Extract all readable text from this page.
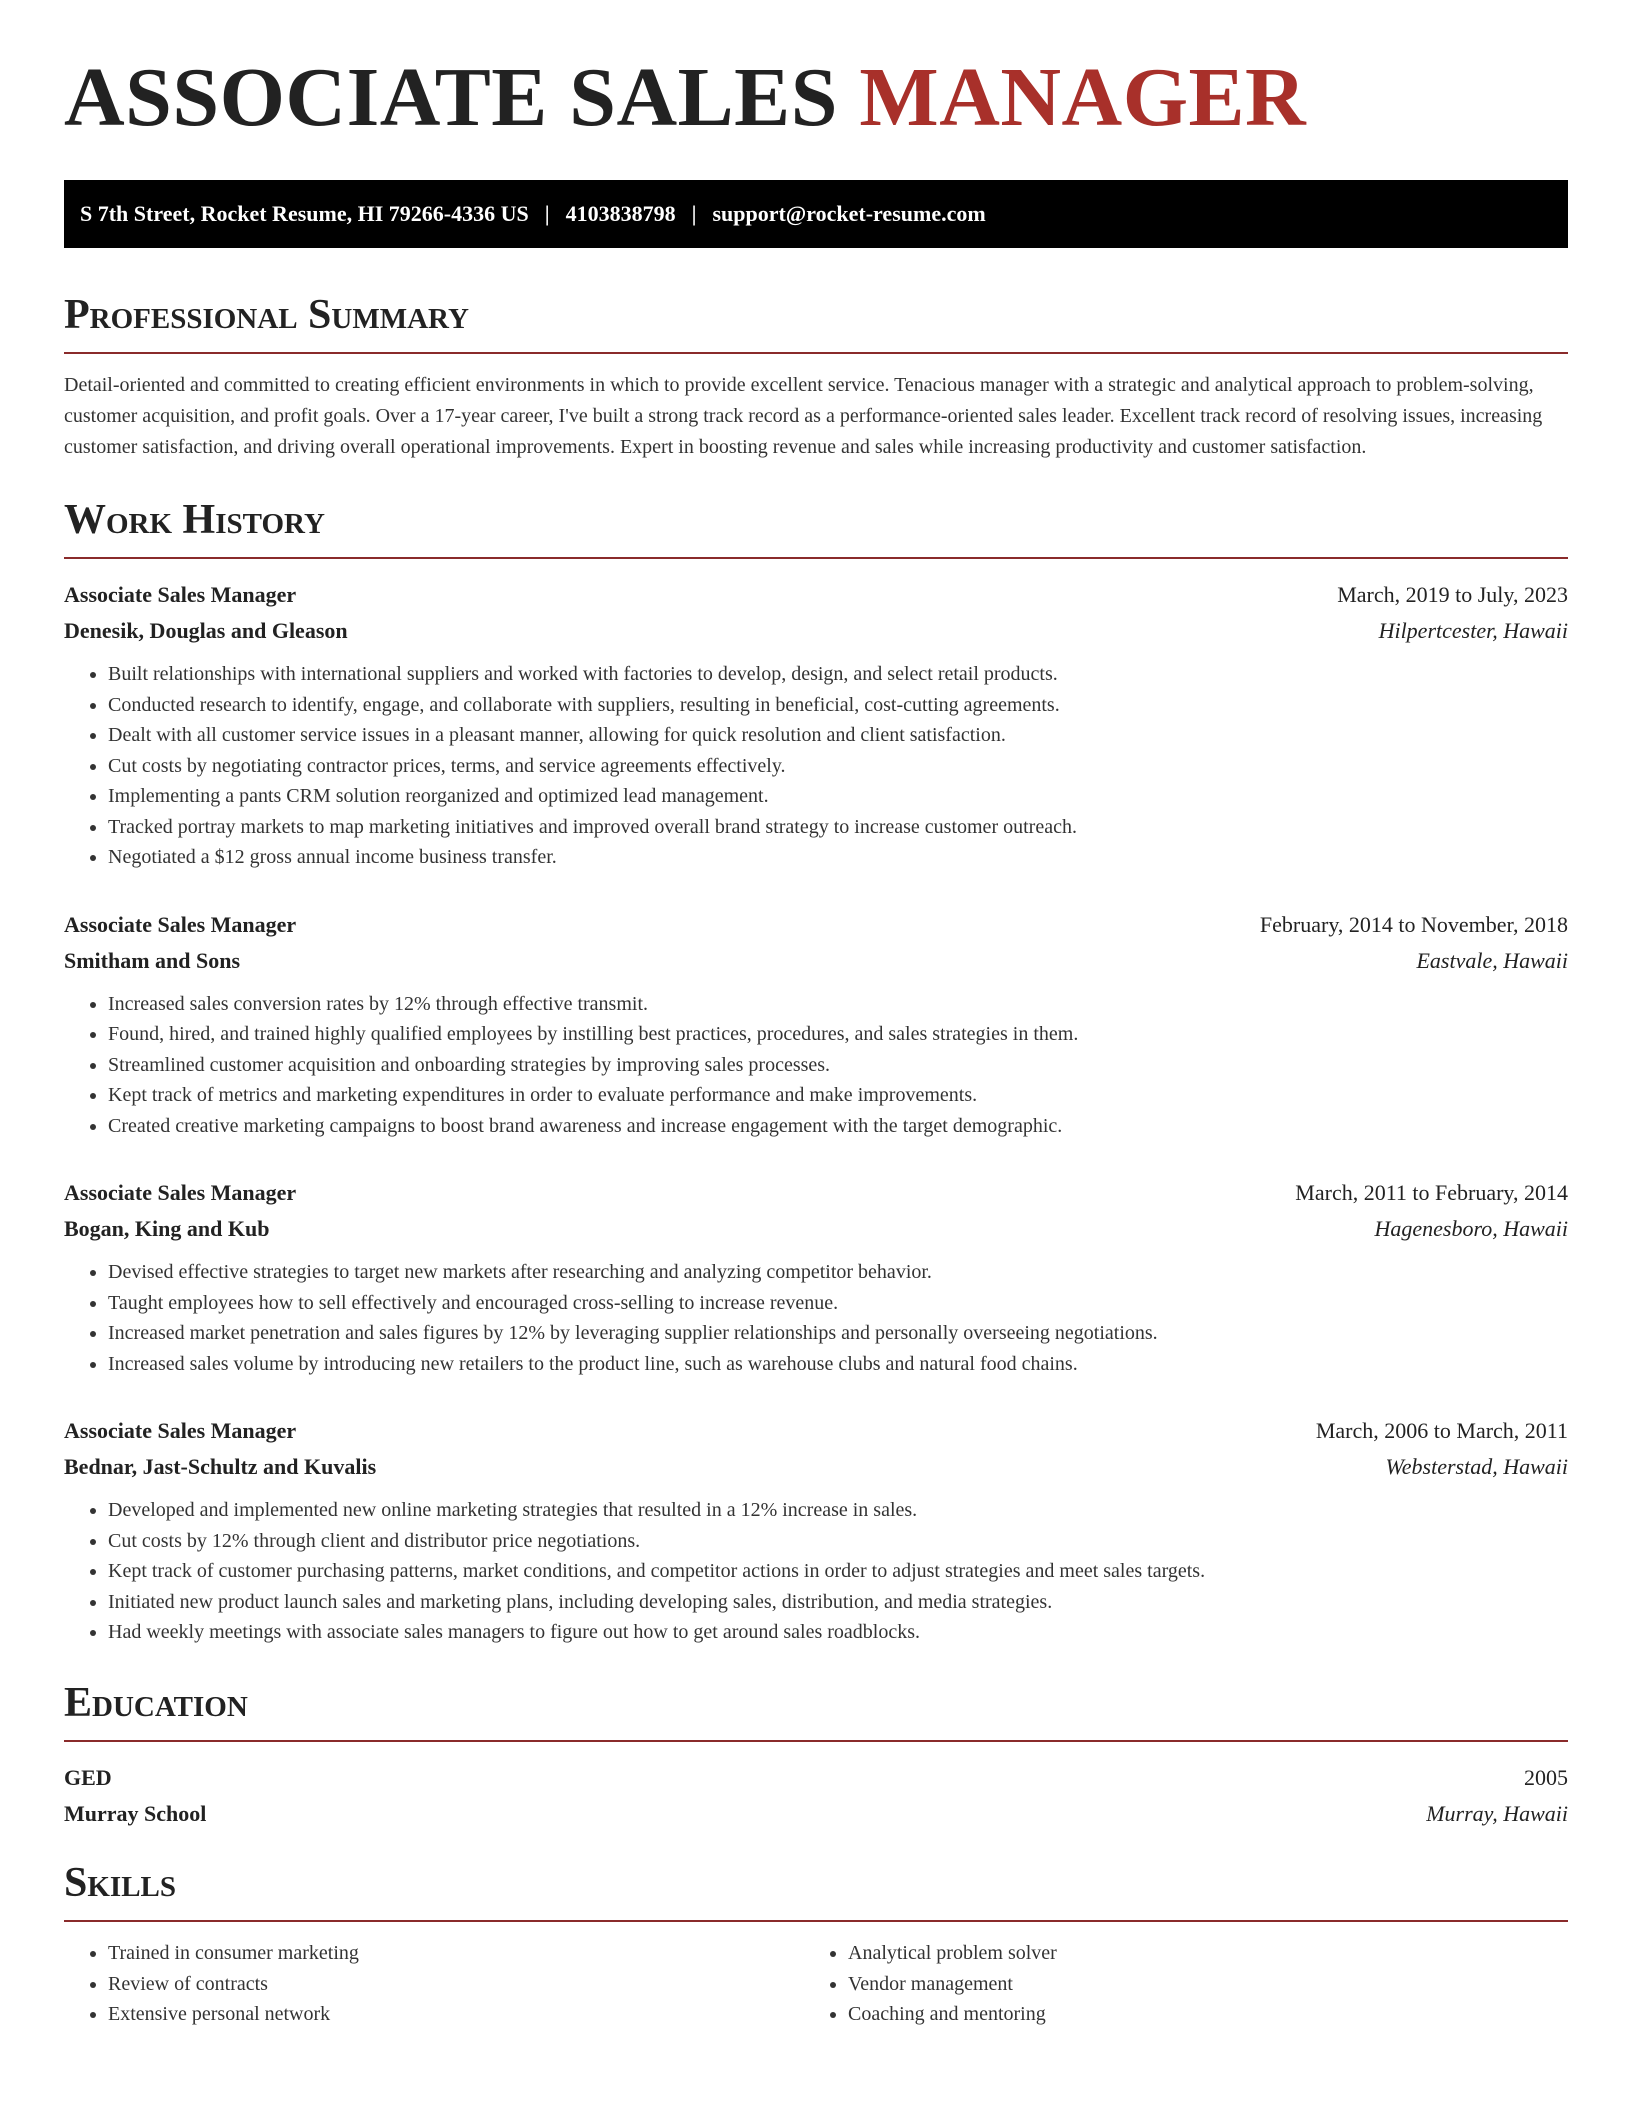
ASSOCIATE SALES MANAGER
S 7th Street, Rocket Resume, HI 79266-4336 US | 4103838798 | support@rocket-resume.com
Professional Summary

Detail-oriented and committed to creating efficient environments in which to provide excellent service. Tenacious manager with a strategic and analytical approach to problem-solving, customer acquisition, and profit goals. Over a 17-year career, I've built a strong track record as a performance-oriented sales leader. Excellent track record of resolving issues, increasing customer satisfaction, and driving overall operational improvements. Expert in boosting revenue and sales while increasing productivity and customer satisfaction.

Work History
Associate Sales Manager	March, 2019 to July, 2023
Denesik, Douglas and Gleason	Hilpertcester, Hawaii
• Built relationships with international suppliers and worked with factories to develop, design, and select retail products.
• Conducted research to identify, engage, and collaborate with suppliers, resulting in beneficial, cost-cutting agreements.
• Dealt with all customer service issues in a pleasant manner, allowing for quick resolution and client satisfaction.
• Cut costs by negotiating contractor prices, terms, and service agreements effectively.
• Implementing a pants CRM solution reorganized and optimized lead management.
• Tracked portray markets to map marketing initiatives and improved overall brand strategy to increase customer outreach.
• Negotiated a $12 gross annual income business transfer.
Associate Sales Manager	February, 2014 to November, 2018
Smitham and Sons	Eastvale, Hawaii
• Increased sales conversion rates by 12% through effective transmit.
• Found, hired, and trained highly qualified employees by instilling best practices, procedures, and sales strategies in them.
• Streamlined customer acquisition and onboarding strategies by improving sales processes.
• Kept track of metrics and marketing expenditures in order to evaluate performance and make improvements.
• Created creative marketing campaigns to boost brand awareness and increase engagement with the target demographic.
Associate Sales Manager	March, 2011 to February, 2014
Bogan, King and Kub	Hagenesboro, Hawaii
• Devised effective strategies to target new markets after researching and analyzing competitor behavior.
• Taught employees how to sell effectively and encouraged cross-selling to increase revenue.
• Increased market penetration and sales figures by 12% by leveraging supplier relationships and personally overseeing negotiations.
• Increased sales volume by introducing new retailers to the product line, such as warehouse clubs and natural food chains.
Associate Sales Manager	March, 2006 to March, 2011
Bednar, Jast-Schultz and Kuvalis	Websterstad, Hawaii
• Developed and implemented new online marketing strategies that resulted in a 12% increase in sales.
• Cut costs by 12% through client and distributor price negotiations.
• Kept track of customer purchasing patterns, market conditions, and competitor actions in order to adjust strategies and meet sales targets.
• Initiated new product launch sales and marketing plans, including developing sales, distribution, and media strategies.
• Had weekly meetings with associate sales managers to figure out how to get around sales roadblocks.
Education
GED	2005
Murray School	Murray, Hawaii
Skills
• Trained in consumer marketing
• Review of contracts
• Extensive personal network
• Analytical problem solver
• Vendor management
• Coaching and mentoring
